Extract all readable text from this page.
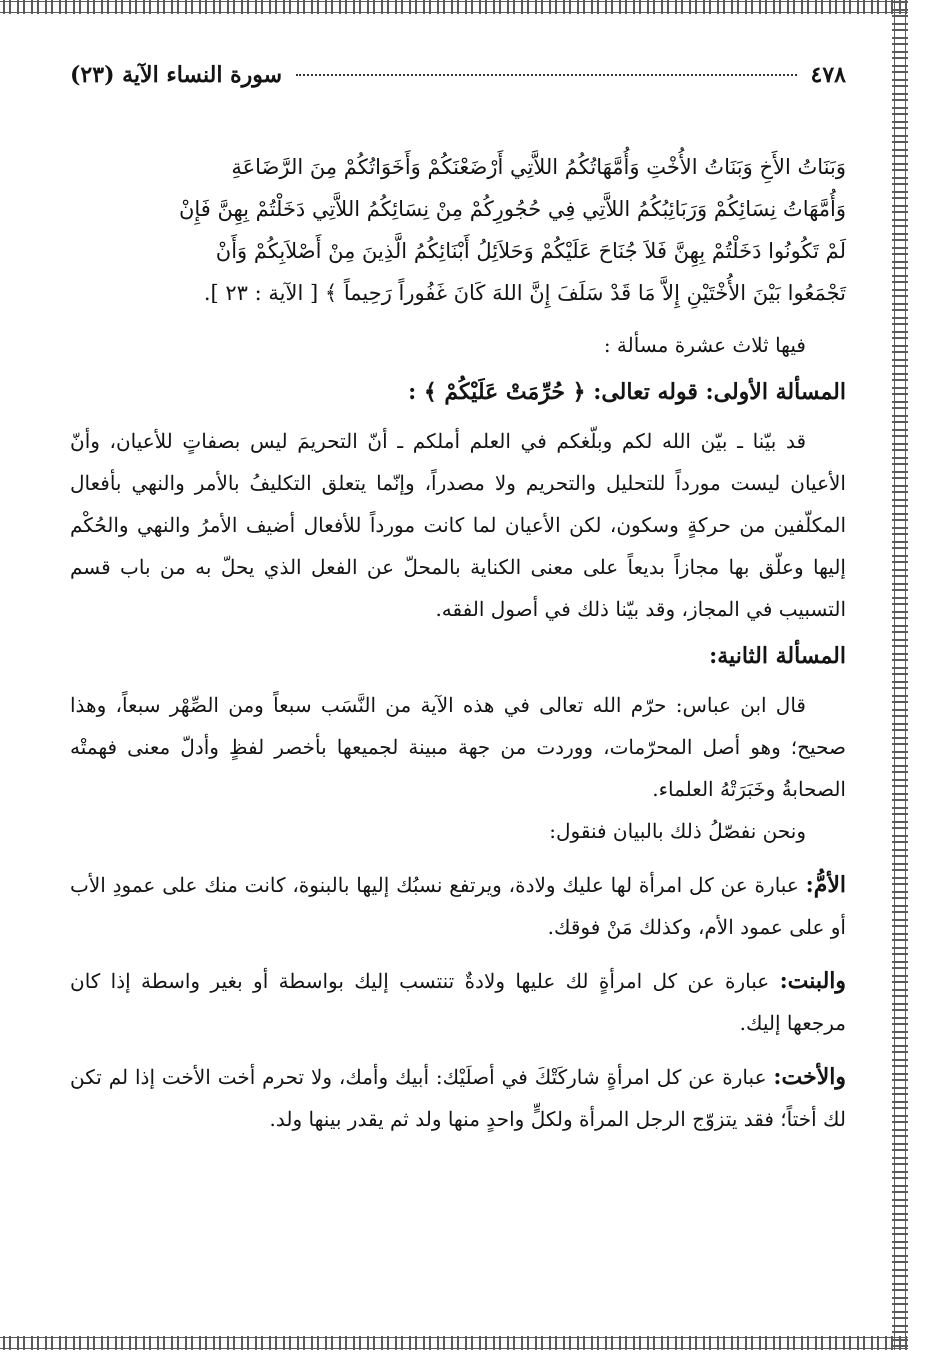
٤٧٨
سورة النساء الآية (٢٣)

وَبَنَاتُ الأَخِ وَبَنَاتُ الأُخْتِ وَأُمَّهَاتُكُمُ اللاَّتِي أَرْضَعْنَكُمْ وَأَخَوَاتُكُمْ مِنَ الرَّضَاعَةِ

وَأُمَّهَاتُ نِسَائِكُمْ وَرَبَائِبُكُمُ اللاَّتِي فِي حُجُورِكُمْ مِنْ نِسَائِكُمُ اللاَّتِي دَخَلْتُمْ بِهِنَّ فَإِنْ

لَمْ تَكُونُوا دَخَلْتُمْ بِهِنَّ فَلاَ جُنَاحَ عَلَيْكُمْ وَحَلاَئِلُ أَبْنَائِكُمُ الَّذِينَ مِنْ أَصْلاَبِكُمْ وَأَنْ

تَجْمَعُوا بَيْنَ الأُخْتَيْنِ إِلاَّ مَا قَدْ سَلَفَ إِنَّ اللهَ كَانَ غَفُوراً رَحِيماً ﴾ [ الآية : ٢٣ ].

فيها ثلاث عشرة مسألة :

المسألة الأولى: قوله تعالى: ﴿ حُرِّمَتْ عَلَيْكُمْ ﴾ :

قد بيّنا ـ بيّن الله لكم وبلّغكم في العلم أملكم ـ أنّ التحريمَ ليس بصفاتٍ للأعيان، وأنّ الأعيان ليست مورداً للتحليل والتحريم ولا مصدراً، وإنّما يتعلق التكليفُ بالأمر والنهي بأفعال المكلّفين من حركةٍ وسكون، لكن الأعيان لما كانت مورداً للأفعال أضيف الأمرُ والنهي والحُكْم إليها وعلّق بها مجازاً بديعاً على معنى الكناية بالمحلّ عن الفعل الذي يحلّ به من باب قسم التسبيب في المجاز، وقد بيّنا ذلك في أصول الفقه.

المسألة الثانية:

قال ابن عباس: حرّم الله تعالى في هذه الآية من النَّسَب سبعاً ومن الصِّهْر سبعاً، وهذا صحيح؛ وهو أصل المحرّمات، ووردت من جهة مبينة لجميعها بأخصر لفظٍ وأدلّ معنى فهمتْه الصحابةُ وخَبَرَتْهُ العلماء.

ونحن نفصّلُ ذلك بالبيان فنقول:

الأمُّ: عبارة عن كل امرأة لها عليك ولادة، ويرتفع نسبُك إليها بالبنوة، كانت منك على عمودِ الأب أو على عمود الأم، وكذلك مَنْ فوقك.

والبنت: عبارة عن كل امرأةٍ لك عليها ولادةٌ تنتسب إليك بواسطة أو بغير واسطة إذا كان مرجعها إليك.

والأخت: عبارة عن كل امرأةٍ شاركَتْكَ في أصلَيْك: أبيك وأمك، ولا تحرم أخت الأخت إذا لم تكن لك أختاً؛ فقد يتزوّج الرجل المرأة ولكلٍّ واحدٍ منها ولد ثم يقدر بينها ولد.
